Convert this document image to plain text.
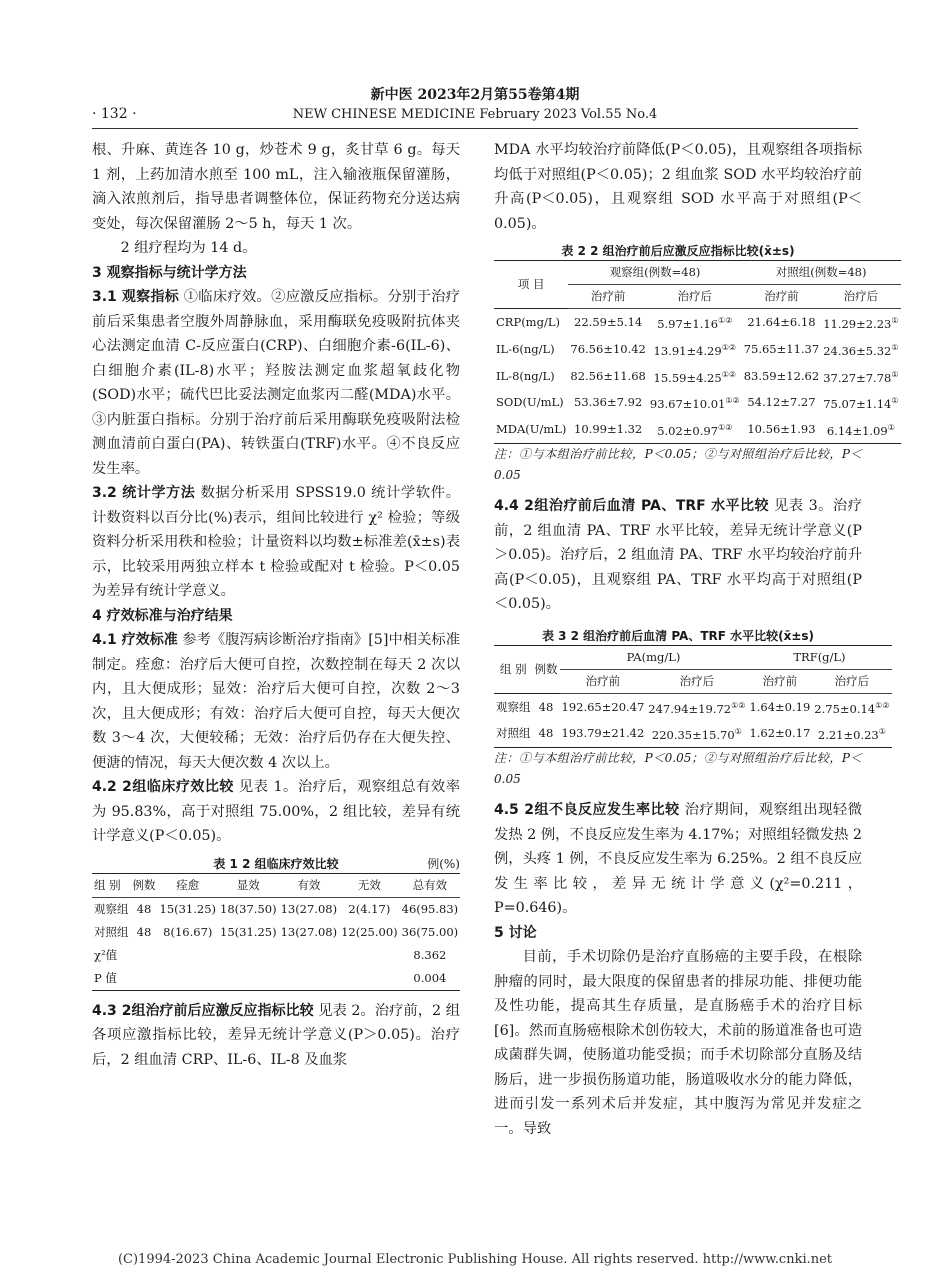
新中医 2023年2月第55卷第4期
· 132 ·	NEW CHINESE MEDICINE February 2023 Vol.55 No.4

根、升麻、黄连各 10 g，炒苍术 9 g，炙甘草 6 g。每天 1 剂，上药加清水煎至 100 mL，注入输液瓶保留灌肠，滴入浓煎剂后，指导患者调整体位，保证药物充分送达病变处，每次保留灌肠 2～5 h，每天 1 次。

2 组疗程均为 14 d。

3 观察指标与统计学方法

3.1 观察指标 ①临床疗效。②应激反应指标。分别于治疗前后采集患者空腹外周静脉血，采用酶联免疫吸附抗体夹心法测定血清 C-反应蛋白(CRP)、白细胞介素-6(IL-6)、白细胞介素(IL-8)水平；羟胺法测定血浆超氧歧化物(SOD)水平；硫代巴比妥法测定血浆丙二醛(MDA)水平。③内脏蛋白指标。分别于治疗前后采用酶联免疫吸附法检测血清前白蛋白(PA)、转铁蛋白(TRF)水平。④不良反应发生率。

3.2 统计学方法 数据分析采用 SPSS19.0 统计学软件。计数资料以百分比(%)表示，组间比较进行 χ² 检验；等级资料分析采用秩和检验；计量资料以均数±标准差(x̄±s)表示，比较采用两独立样本 t 检验或配对 t 检验。P＜0.05 为差异有统计学意义。

4 疗效标准与治疗结果

4.1 疗效标准 参考《腹泻病诊断治疗指南》[5]中相关标准制定。痊愈：治疗后大便可自控，次数控制在每天 2 次以内，且大便成形；显效：治疗后大便可自控，次数 2～3 次，且大便成形；有效：治疗后大便可自控，每天大便次数 3～4 次，大便较稀；无效：治疗后仍存在大便失控、便溏的情况，每天大便次数 4 次以上。

4.2 2组临床疗效比较 见表 1。治疗后，观察组总有效率为 95.83%，高于对照组 75.00%，2 组比较，差异有统计学意义(P＜0.05)。

表 1 2 组临床疗效比较	例(%)
组 别	例数	痊愈	显效	有效	无效	总有效
观察组	48	15(31.25)	18(37.50)	13(27.08)	2(4.17)	46(95.83)
对照组	48	8(16.67)	15(31.25)	13(27.08)	12(25.00)	36(75.00)
χ²值						8.362
P 值						0.004

4.3 2组治疗前后应激反应指标比较 见表 2。治疗前，2 组各项应激指标比较，差异无统计学意义(P＞0.05)。治疗后，2 组血清 CRP、IL-6、IL-8 及血浆

MDA 水平均较治疗前降低(P＜0.05)，且观察组各项指标均低于对照组(P＜0.05)；2 组血浆 SOD 水平均较治疗前升高(P＜0.05)，且观察组 SOD 水平高于对照组(P＜0.05)。

表 2 2 组治疗前后应激反应指标比较(x̄±s)
项 目	观察组(例数=48)		对照组(例数=48)	
	治疗前	治疗后	治疗前	治疗后
CRP(mg/L)	22.59±5.14	5.97±1.16①②	21.64±6.18	11.29±2.23①
IL-6(ng/L)	76.56±10.42	13.91±4.29①②	75.65±11.37	24.36±5.32①
IL-8(ng/L)	82.56±11.68	15.59±4.25①②	83.59±12.62	37.27±7.78①
SOD(U/mL)	53.36±7.92	93.67±10.01①②	54.12±7.27	75.07±1.14①
MDA(U/mL)	10.99±1.32	5.02±0.97①②	10.56±1.93	6.14±1.09①

注：①与本组治疗前比较，P＜0.05；②与对照组治疗后比较，P＜0.05

4.4 2组治疗前后血清 PA、TRF 水平比较 见表 3。治疗前，2 组血清 PA、TRF 水平比较，差异无统计学意义(P＞0.05)。治疗后，2 组血清 PA、TRF 水平均较治疗前升高(P＜0.05)，且观察组 PA、TRF 水平均高于对照组(P＜0.05)。

表 3 2 组治疗前后血清 PA、TRF 水平比较(x̄±s)
组 别	例数	PA(mg/L)		TRF(g/L)	
		治疗前	治疗后	治疗前	治疗后
观察组	48	192.65±20.47	247.94±19.72①②	1.64±0.19	2.75±0.14①②
对照组	48	193.79±21.42	220.35±15.70①	1.62±0.17	2.21±0.23①

注：①与本组治疗前比较，P＜0.05；②与对照组治疗后比较，P＜0.05

4.5 2组不良反应发生率比较 治疗期间，观察组出现轻微发热 2 例，不良反应发生率为 4.17%；对照组轻微发热 2 例，头疼 1 例，不良反应发生率为 6.25%。2 组不良反应发生率比较，差异无统计学意义(χ²=0.211，P=0.646)。

5 讨论

目前，手术切除仍是治疗直肠癌的主要手段，在根除肿瘤的同时，最大限度的保留患者的排尿功能、排便功能及性功能，提高其生存质量，是直肠癌手术的治疗目标[6]。然而直肠癌根除术创伤较大，术前的肠道准备也可造成菌群失调，使肠道功能受损；而手术切除部分直肠及结肠后，进一步损伤肠道功能，肠道吸收水分的能力降低，进而引发一系列术后并发症，其中腹泻为常见并发症之一。导致

(C)1994-2023 China Academic Journal Electronic Publishing House. All rights reserved. http://www.cnki.net
